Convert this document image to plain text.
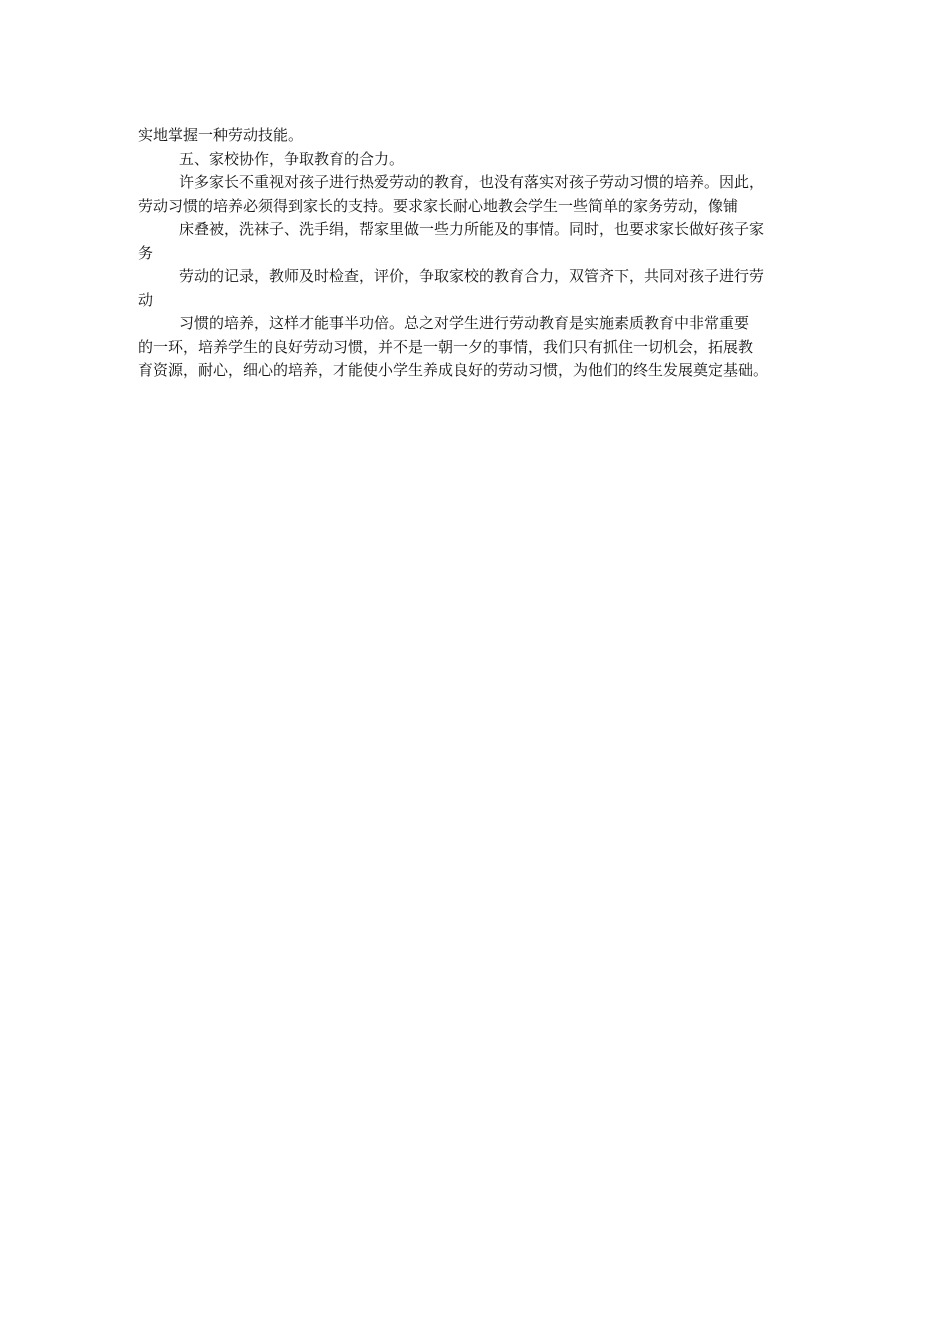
实地掌握一种劳动技能。
五、家校协作，争取教育的合力。
许多家长不重视对孩子进行热爱劳动的教育，也没有落实对孩子劳动习惯的培养。因此，
劳动习惯的培养必须得到家长的支持。要求家长耐心地教会学生一些简单的家务劳动，像铺
床叠被，洗袜子、洗手绢，帮家里做一些力所能及的事情。同时，也要求家长做好孩子家
务
劳动的记录，教师及时检查，评价，争取家校的教育合力，双管齐下，共同对孩子进行劳
动
习惯的培养，这样才能事半功倍。总之对学生进行劳动教育是实施素质教育中非常重要
的一环，培养学生的良好劳动习惯，并不是一朝一夕的事情，我们只有抓住一切机会，拓展教
育资源，耐心，细心的培养，才能使小学生养成良好的劳动习惯，为他们的终生发展奠定基础。
